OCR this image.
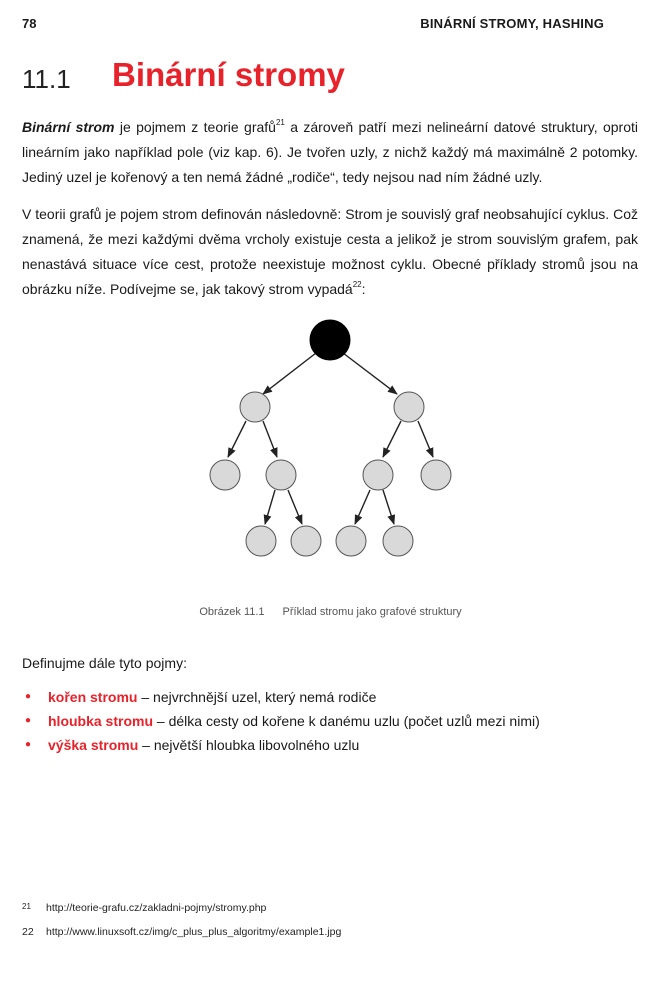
78	BINÁRNÍ STROMY, HASHING
11.1 Binární stromy

Binární strom je pojmem z teorie grafů$^{21}$ a zároveň patří mezi nelineární datové struktury, oproti lineárním jako například pole (viz kap. 6). Je tvořen uzly, z nichž každý má maximálně 2 potomky. Jediný uzel je kořenový a ten nemá žádné „rodiče“, tedy nejsou nad ním žádné uzly.

V teorii grafů je pojem strom definován následovně: Strom je souvislý graf neobsahující cyklus. Což znamená, že mezi každými dvěma vrcholy existuje cesta a jelikož je strom souvislým grafem, pak nenastává situace více cest, protože neexistuje možnost cyklu. Obecné příklady stromů jsou na obrázku níže. Podívejme se, jak takový strom vypadá$^{22}$:

Obrázek 11.1 Příklad stromu jako grafové struktury

Definujme dále tyto pojmy:

● kořen stromu – nejvrchnější uzel, který nemá rodiče
● hloubka stromu – délka cesty od kořene k danému uzlu (počet uzlů mezi nimi)
● výška stromu – největší hloubka libovolného uzlu
21 http://teorie-grafu.cz/zakladni-pojmy/stromy.php
22 http://www.linuxsoft.cz/img/c_plus_plus_algoritmy/example1.jpg
